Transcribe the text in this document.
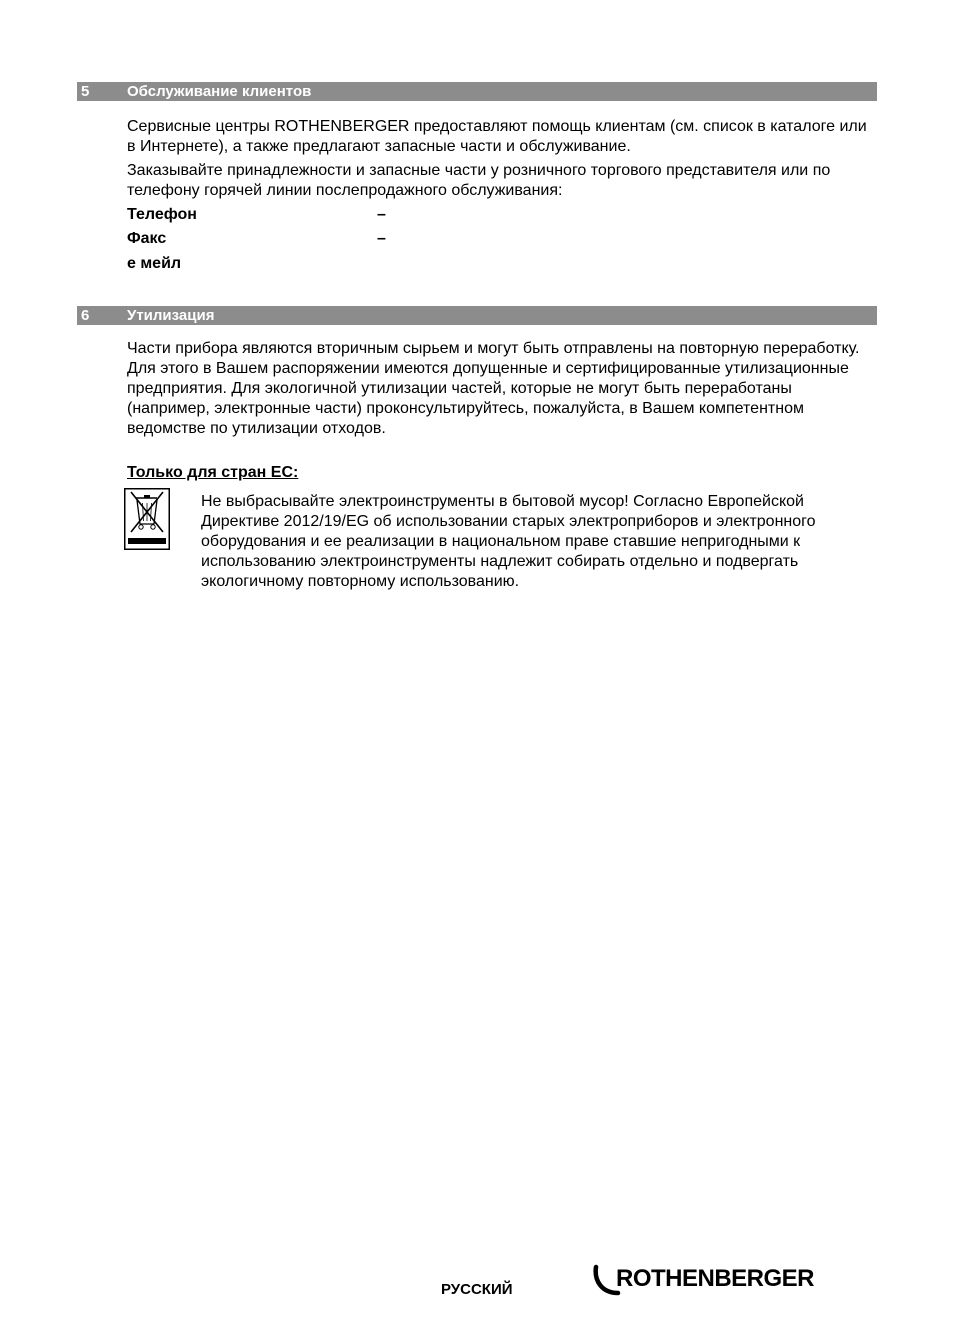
5	Обслуживание клиентов

Сервисные центры ROTHENBERGER предоставляют помощь клиентам (см. список в каталоге или в Интернете), а также предлагают запасные части и обслуживание.

Заказывайте принадлежности и запасные части у розничного торгового представителя или по телефону горячей линии послепродажного обслуживания:

Телефон	–
Факс	–
е мейл
6	Утилизация

Части прибора являются вторичным сырьем и могут быть отправлены на повторную переработку. Для этого в Вашем распоряжении имеются допущенные и сертифицированные утилизационные предприятия. Для экологичной утилизации частей, которые не могут быть переработаны (например, электронные части) проконсультируйтесь, пожалуйста, в Вашем компетентном ведомстве по утилизации отходов.

Только для стран ЕС:

Не выбрасывайте электроинструменты в бытовой мусор! Согласно Европейской Директиве 2012/19/EG об использовании старых электроприборов и электронного оборудования и ее реализации в национальном праве ставшие непригодными к использованию электроинструменты надлежит собирать отдельно и подвергать экологичному повторному использованию.

РУССКИЙ	ROTHENBERGER
